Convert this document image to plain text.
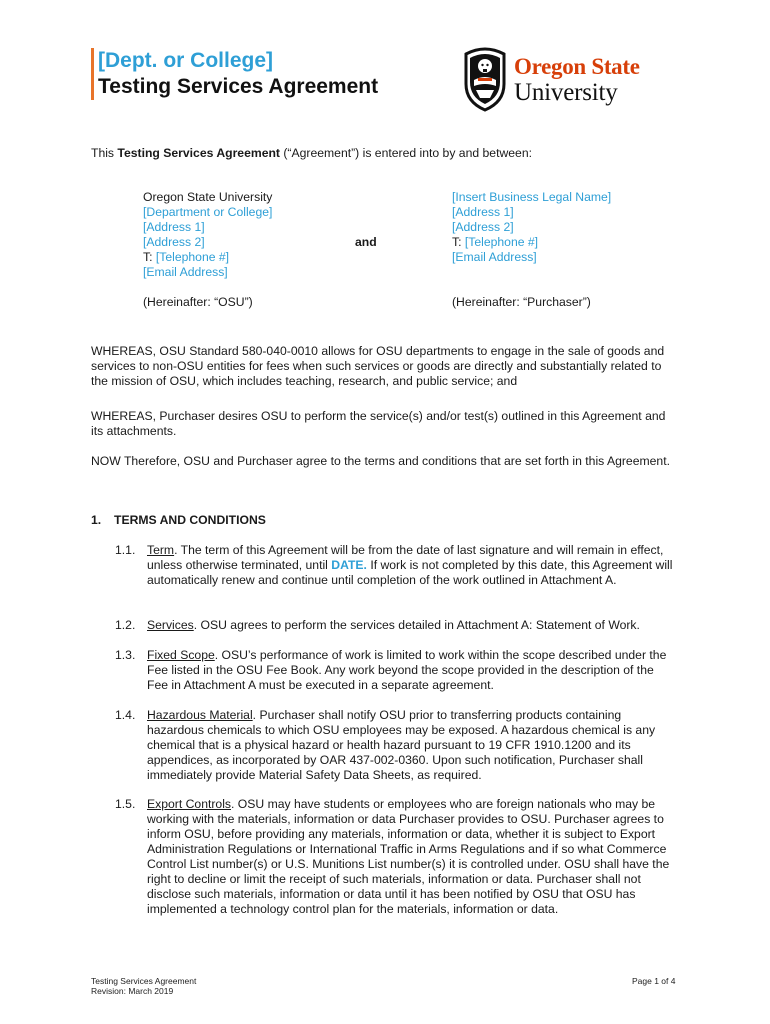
[Dept. or College]
Testing Services Agreement
Oregon State
University
This Testing Services Agreement (“Agreement”) is entered into by and between:
Oregon State University
[Department or College]
[Address 1]
[Address 2]
T: [Telephone #]
[Email Address]
and
[Insert Business Legal Name]
[Address 1]
[Address 2]
T: [Telephone #]
[Email Address]
(Hereinafter: “OSU”)	(Hereinafter: “Purchaser”)
WHEREAS, OSU Standard 580-040-0010 allows for OSU departments to engage in the sale of goods and services to non-OSU entities for fees when such services or goods are directly and substantially related to the mission of OSU, which includes teaching, research, and public service; and
WHEREAS, Purchaser desires OSU to perform the service(s) and/or test(s) outlined in this Agreement and its attachments.
NOW Therefore, OSU and Purchaser agree to the terms and conditions that are set forth in this Agreement.
1. TERMS AND CONDITIONS
1.1. Term. The term of this Agreement will be from the date of last signature and will remain in effect, unless otherwise terminated, until DATE. If work is not completed by this date, this Agreement will automatically renew and continue until completion of the work outlined in Attachment A.
1.2. Services. OSU agrees to perform the services detailed in Attachment A: Statement of Work.
1.3. Fixed Scope. OSU’s performance of work is limited to work within the scope described under the Fee listed in the OSU Fee Book. Any work beyond the scope provided in the description of the Fee in Attachment A must be executed in a separate agreement.
1.4. Hazardous Material. Purchaser shall notify OSU prior to transferring products containing hazardous chemicals to which OSU employees may be exposed. A hazardous chemical is any chemical that is a physical hazard or health hazard pursuant to 19 CFR 1910.1200 and its appendices, as incorporated by OAR 437-002-0360. Upon such notification, Purchaser shall immediately provide Material Safety Data Sheets, as required.
1.5. Export Controls. OSU may have students or employees who are foreign nationals who may be working with the materials, information or data Purchaser provides to OSU. Purchaser agrees to inform OSU, before providing any materials, information or data, whether it is subject to Export Administration Regulations or International Traffic in Arms Regulations and if so what Commerce Control List number(s) or U.S. Munitions List number(s) it is controlled under. OSU shall have the right to decline or limit the receipt of such materials, information or data. Purchaser shall not disclose such materials, information or data until it has been notified by OSU that OSU has implemented a technology control plan for the materials, information or data.
Testing Services Agreement
Revision: March 2019
Page 1 of 4
